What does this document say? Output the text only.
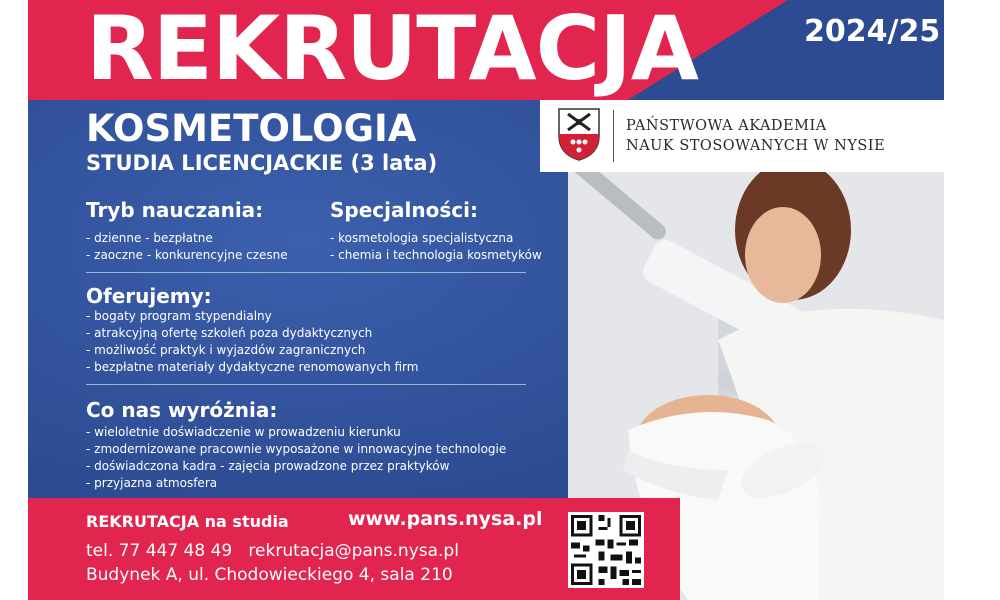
REKRUTACJA	2024/25

KOSMETOLOGIA

STUDIA LICENCJACKIE (3 lata)

PAŃSTWOWA AKADEMIA

NAUK STOSOWANYCH W NYSIE

Tryb nauczania:
- dzienne - bezpłatne
- zaoczne - konkurencyjne czesne
Specjalności:
- kosmetologia specjalistyczna
- chemia i technologia kosmetyków
Oferujemy:
- bogaty program stypendialny
- atrakcyjną ofertę szkoleń poza dydaktycznych
- możliwość praktyk i wyjazdów zagranicznych
- bezpłatne materiały dydaktyczne renomowanych firm
Co nas wyróżnia:
- wieloletnie doświadczenie w prowadzeniu kierunku
- zmodernizowane pracownie wyposażone w innowacyjne technologie
- doświadczona kadra - zajęcia prowadzone przez praktyków
- przyjazna atmosfera

REKRUTACJA na studia	www.pans.nysa.pl

tel. 77 447 48 49   rekrutacja@pans.nysa.pl

Budynek A, ul. Chodowieckiego 4, sala 210
